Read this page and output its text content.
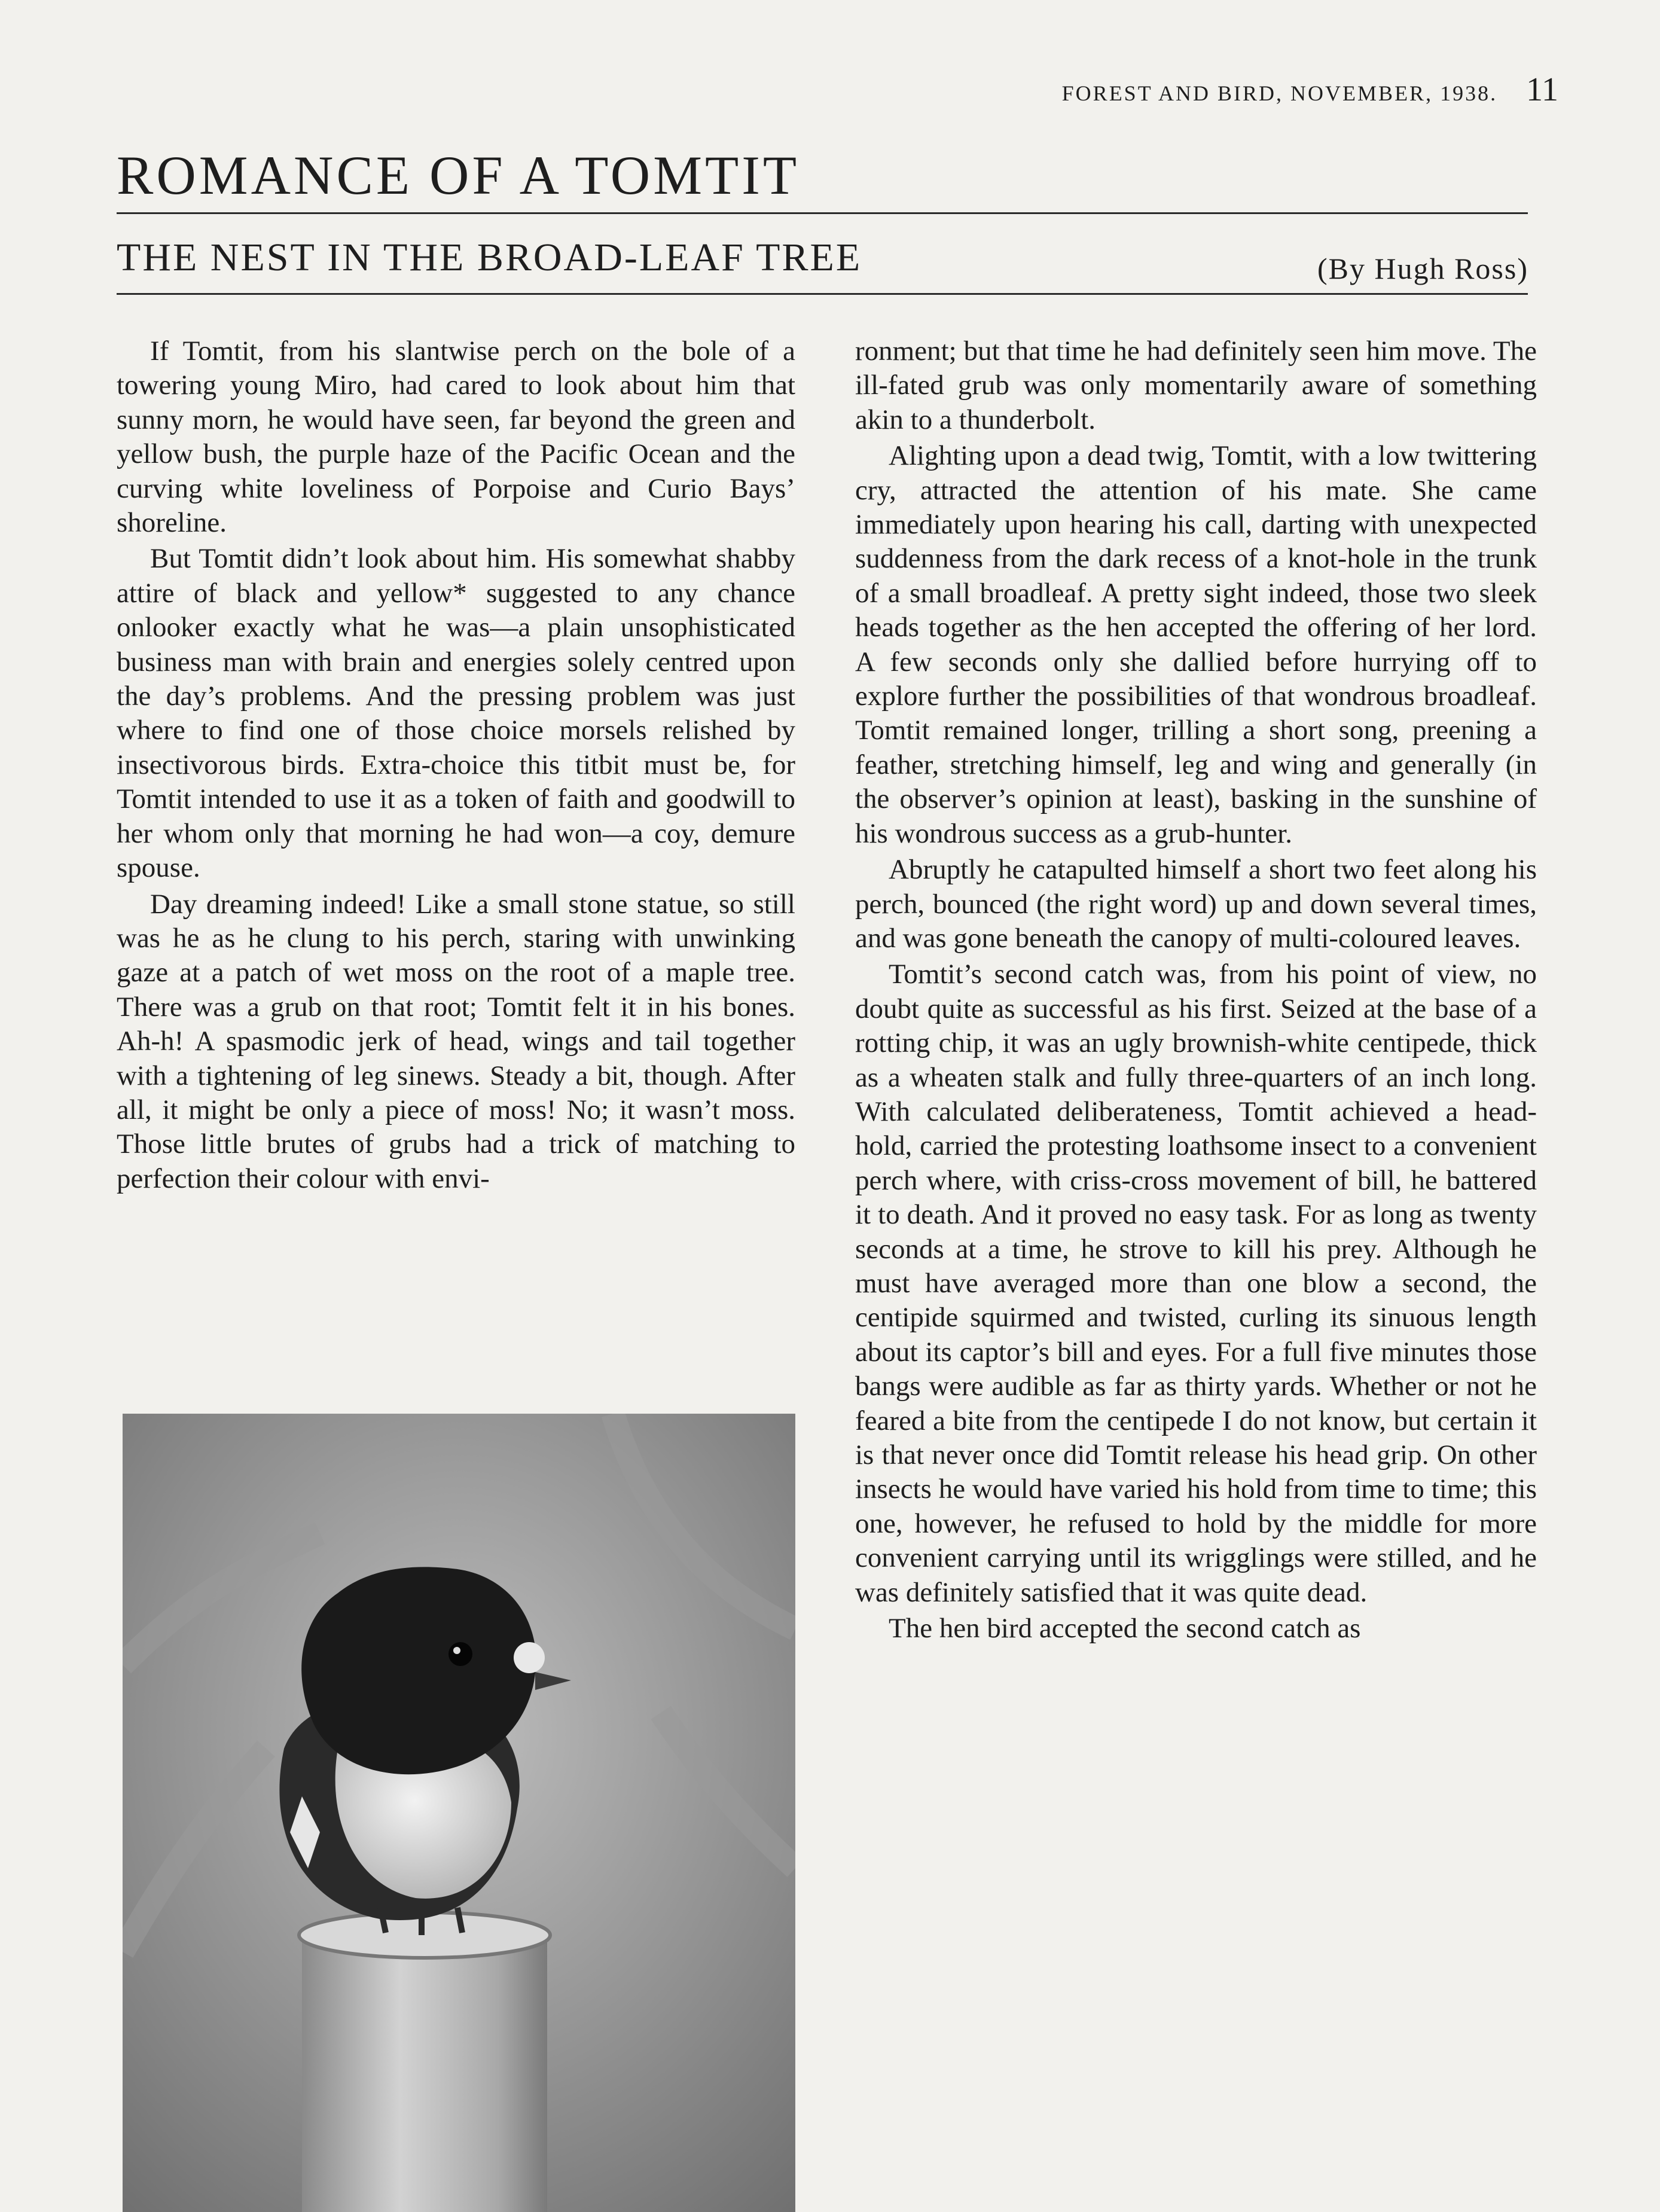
FOREST AND BIRD, NOVEMBER, 1938. 11
ROMANCE OF A TOMTIT
THE NEST IN THE BROAD-LEAF TREE	(By Hugh Ross)

If Tomtit, from his slantwise perch on the bole of a towering young Miro, had cared to look about him that sunny morn, he would have seen, far beyond the green and yellow bush, the purple haze of the Pacific Ocean and the curving white loveliness of Porpoise and Curio Bays’ shoreline.

But Tomtit didn’t look about him. His somewhat shabby attire of black and yellow* suggested to any chance onlooker exactly what he was—a plain unsophisticated business man with brain and energies solely centred upon the day’s problems. And the pressing problem was just where to find one of those choice morsels relished by insectivorous birds. Extra-choice this titbit must be, for Tomtit intended to use it as a token of faith and goodwill to her whom only that morning he had won—a coy, demure spouse.

Day dreaming indeed! Like a small stone statue, so still was he as he clung to his perch, staring with unwinking gaze at a patch of wet moss on the root of a maple tree. There was a grub on that root; Tomtit felt it in his bones. Ah-h! A spasmodic jerk of head, wings and tail together with a tightening of leg sinews. Steady a bit, though. After all, it might be only a piece of moss! No; it wasn’t moss. Those little brutes of grubs had a trick of matching to perfection their colour with envi-

ronment; but that time he had definitely seen him move. The ill-fated grub was only momentarily aware of something akin to a thunderbolt.

Alighting upon a dead twig, Tomtit, with a low twittering cry, attracted the attention of his mate. She came immediately upon hearing his call, darting with unexpected suddenness from the dark recess of a knot-hole in the trunk of a small broadleaf. A pretty sight indeed, those two sleek heads together as the hen accepted the offering of her lord. A few seconds only she dallied before hurrying off to explore further the possibilities of that wondrous broadleaf. Tomtit remained longer, trilling a short song, preening a feather, stretching himself, leg and wing and generally (in the observer’s opinion at least), basking in the sunshine of his wondrous success as a grub-hunter.

Abruptly he catapulted himself a short two feet along his perch, bounced (the right word) up and down several times, and was gone beneath the canopy of multi-coloured leaves.

Tomtit’s second catch was, from his point of view, no doubt quite as successful as his first. Seized at the base of a rotting chip, it was an ugly brownish-white centipede, thick as a wheaten stalk and fully three-quarters of an inch long. With calculated deliberateness, Tomtit achieved a head-hold, carried the protesting loathsome insect to a convenient perch where, with criss-cross movement of bill, he battered it to death. And it proved no easy task. For as long as twenty seconds at a time, he strove to kill his prey. Although he must have averaged more than one blow a second, the centipide squirmed and twisted, curling its sinuous length about its captor’s bill and eyes. For a full five minutes those bangs were audible as far as thirty yards. Whether or not he feared a bite from the centipede I do not know, but certain it is that never once did Tomtit release his head grip. On other insects he would have varied his hold from time to time; this one, however, he refused to hold by the middle for more convenient carrying until its wrigglings were stilled, and he was definitely satisfied that it was quite dead.

The hen bird accepted the second catch as
